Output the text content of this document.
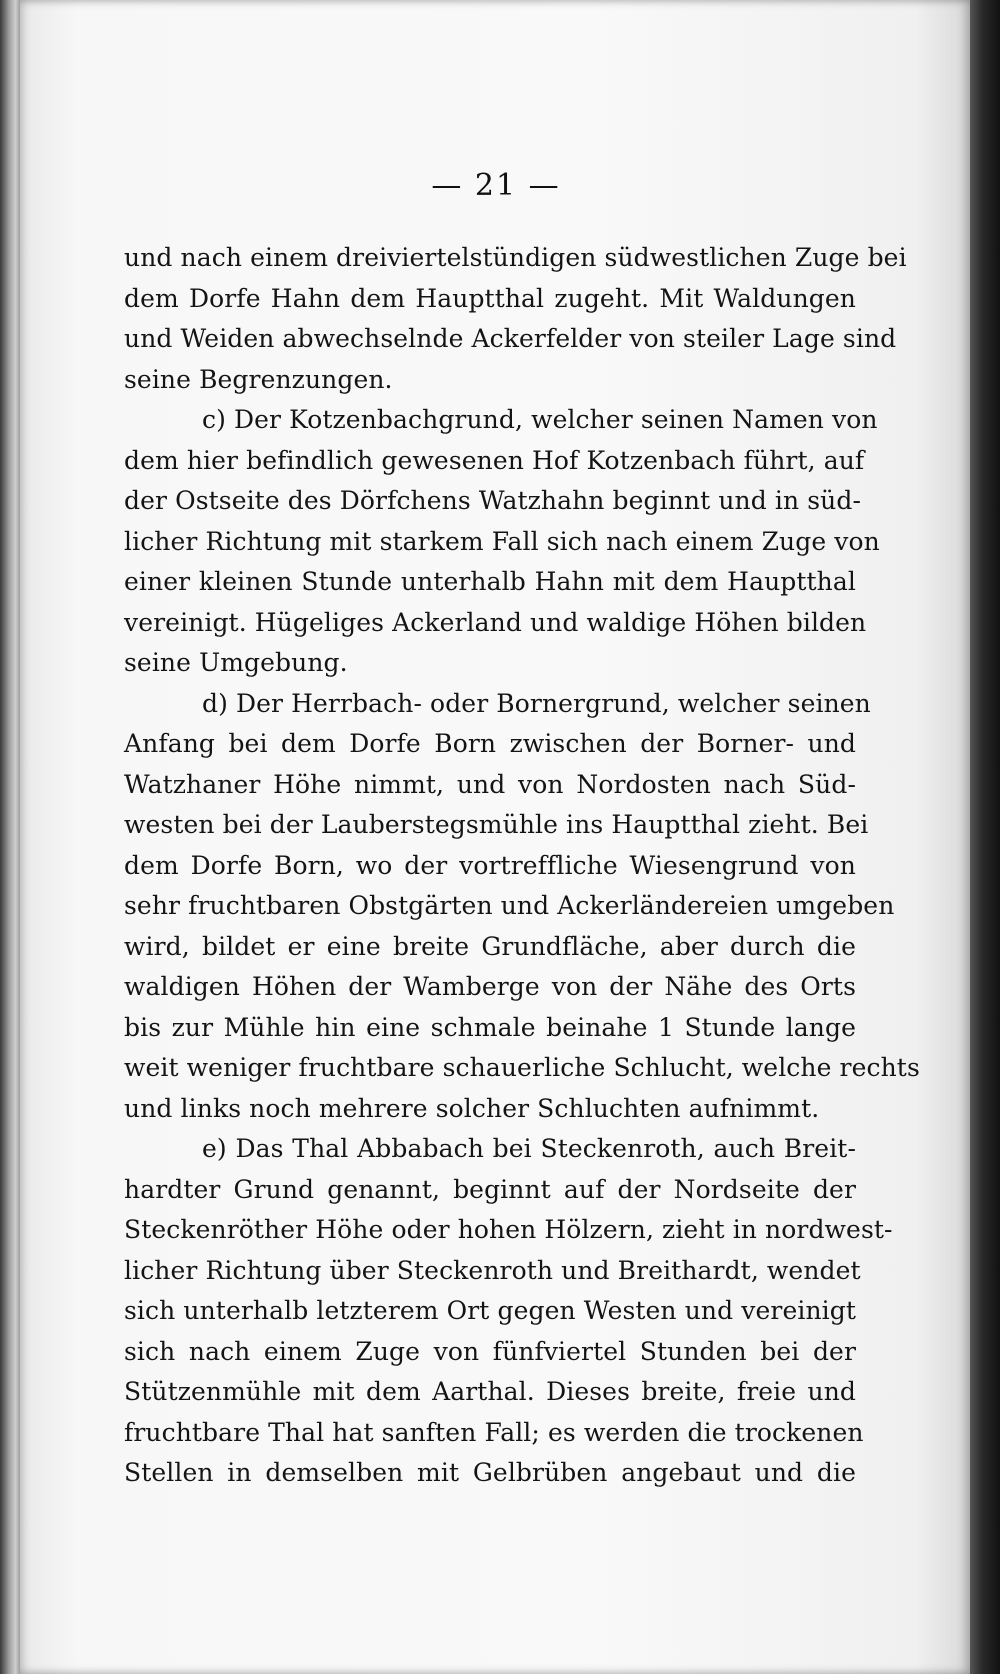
— 21 —
und nach einem dreiviertelstündigen südwestlichen Zuge bei
dem Dorfe Hahn dem Hauptthal zugeht. Mit Waldungen
und Weiden abwechselnde Ackerfelder von steiler Lage sind
seine Begrenzungen.
c) Der Kotzenbachgrund, welcher seinen Namen von
dem hier befindlich gewesenen Hof Kotzenbach führt, auf
der Ostseite des Dörfchens Watzhahn beginnt und in süd-
licher Richtung mit starkem Fall sich nach einem Zuge von
einer kleinen Stunde unterhalb Hahn mit dem Hauptthal
vereinigt. Hügeliges Ackerland und waldige Höhen bilden
seine Umgebung.
d) Der Herrbach- oder Bornergrund, welcher seinen
Anfang bei dem Dorfe Born zwischen der Borner- und
Watzhaner Höhe nimmt, und von Nordosten nach Süd-
westen bei der Lauberstegsmühle ins Hauptthal zieht. Bei
dem Dorfe Born, wo der vortreffliche Wiesengrund von
sehr fruchtbaren Obstgärten und Ackerländereien umgeben
wird, bildet er eine breite Grundfläche, aber durch die
waldigen Höhen der Wamberge von der Nähe des Orts
bis zur Mühle hin eine schmale beinahe 1 Stunde lange
weit weniger fruchtbare schauerliche Schlucht, welche rechts
und links noch mehrere solcher Schluchten aufnimmt.
e) Das Thal Abbabach bei Steckenroth, auch Breit-
hardter Grund genannt, beginnt auf der Nordseite der
Steckenröther Höhe oder hohen Hölzern, zieht in nordwest-
licher Richtung über Steckenroth und Breithardt, wendet
sich unterhalb letzterem Ort gegen Westen und vereinigt
sich nach einem Zuge von fünfviertel Stunden bei der
Stützenmühle mit dem Aarthal. Dieses breite, freie und
fruchtbare Thal hat sanften Fall; es werden die trockenen
Stellen in demselben mit Gelbrüben angebaut und die
